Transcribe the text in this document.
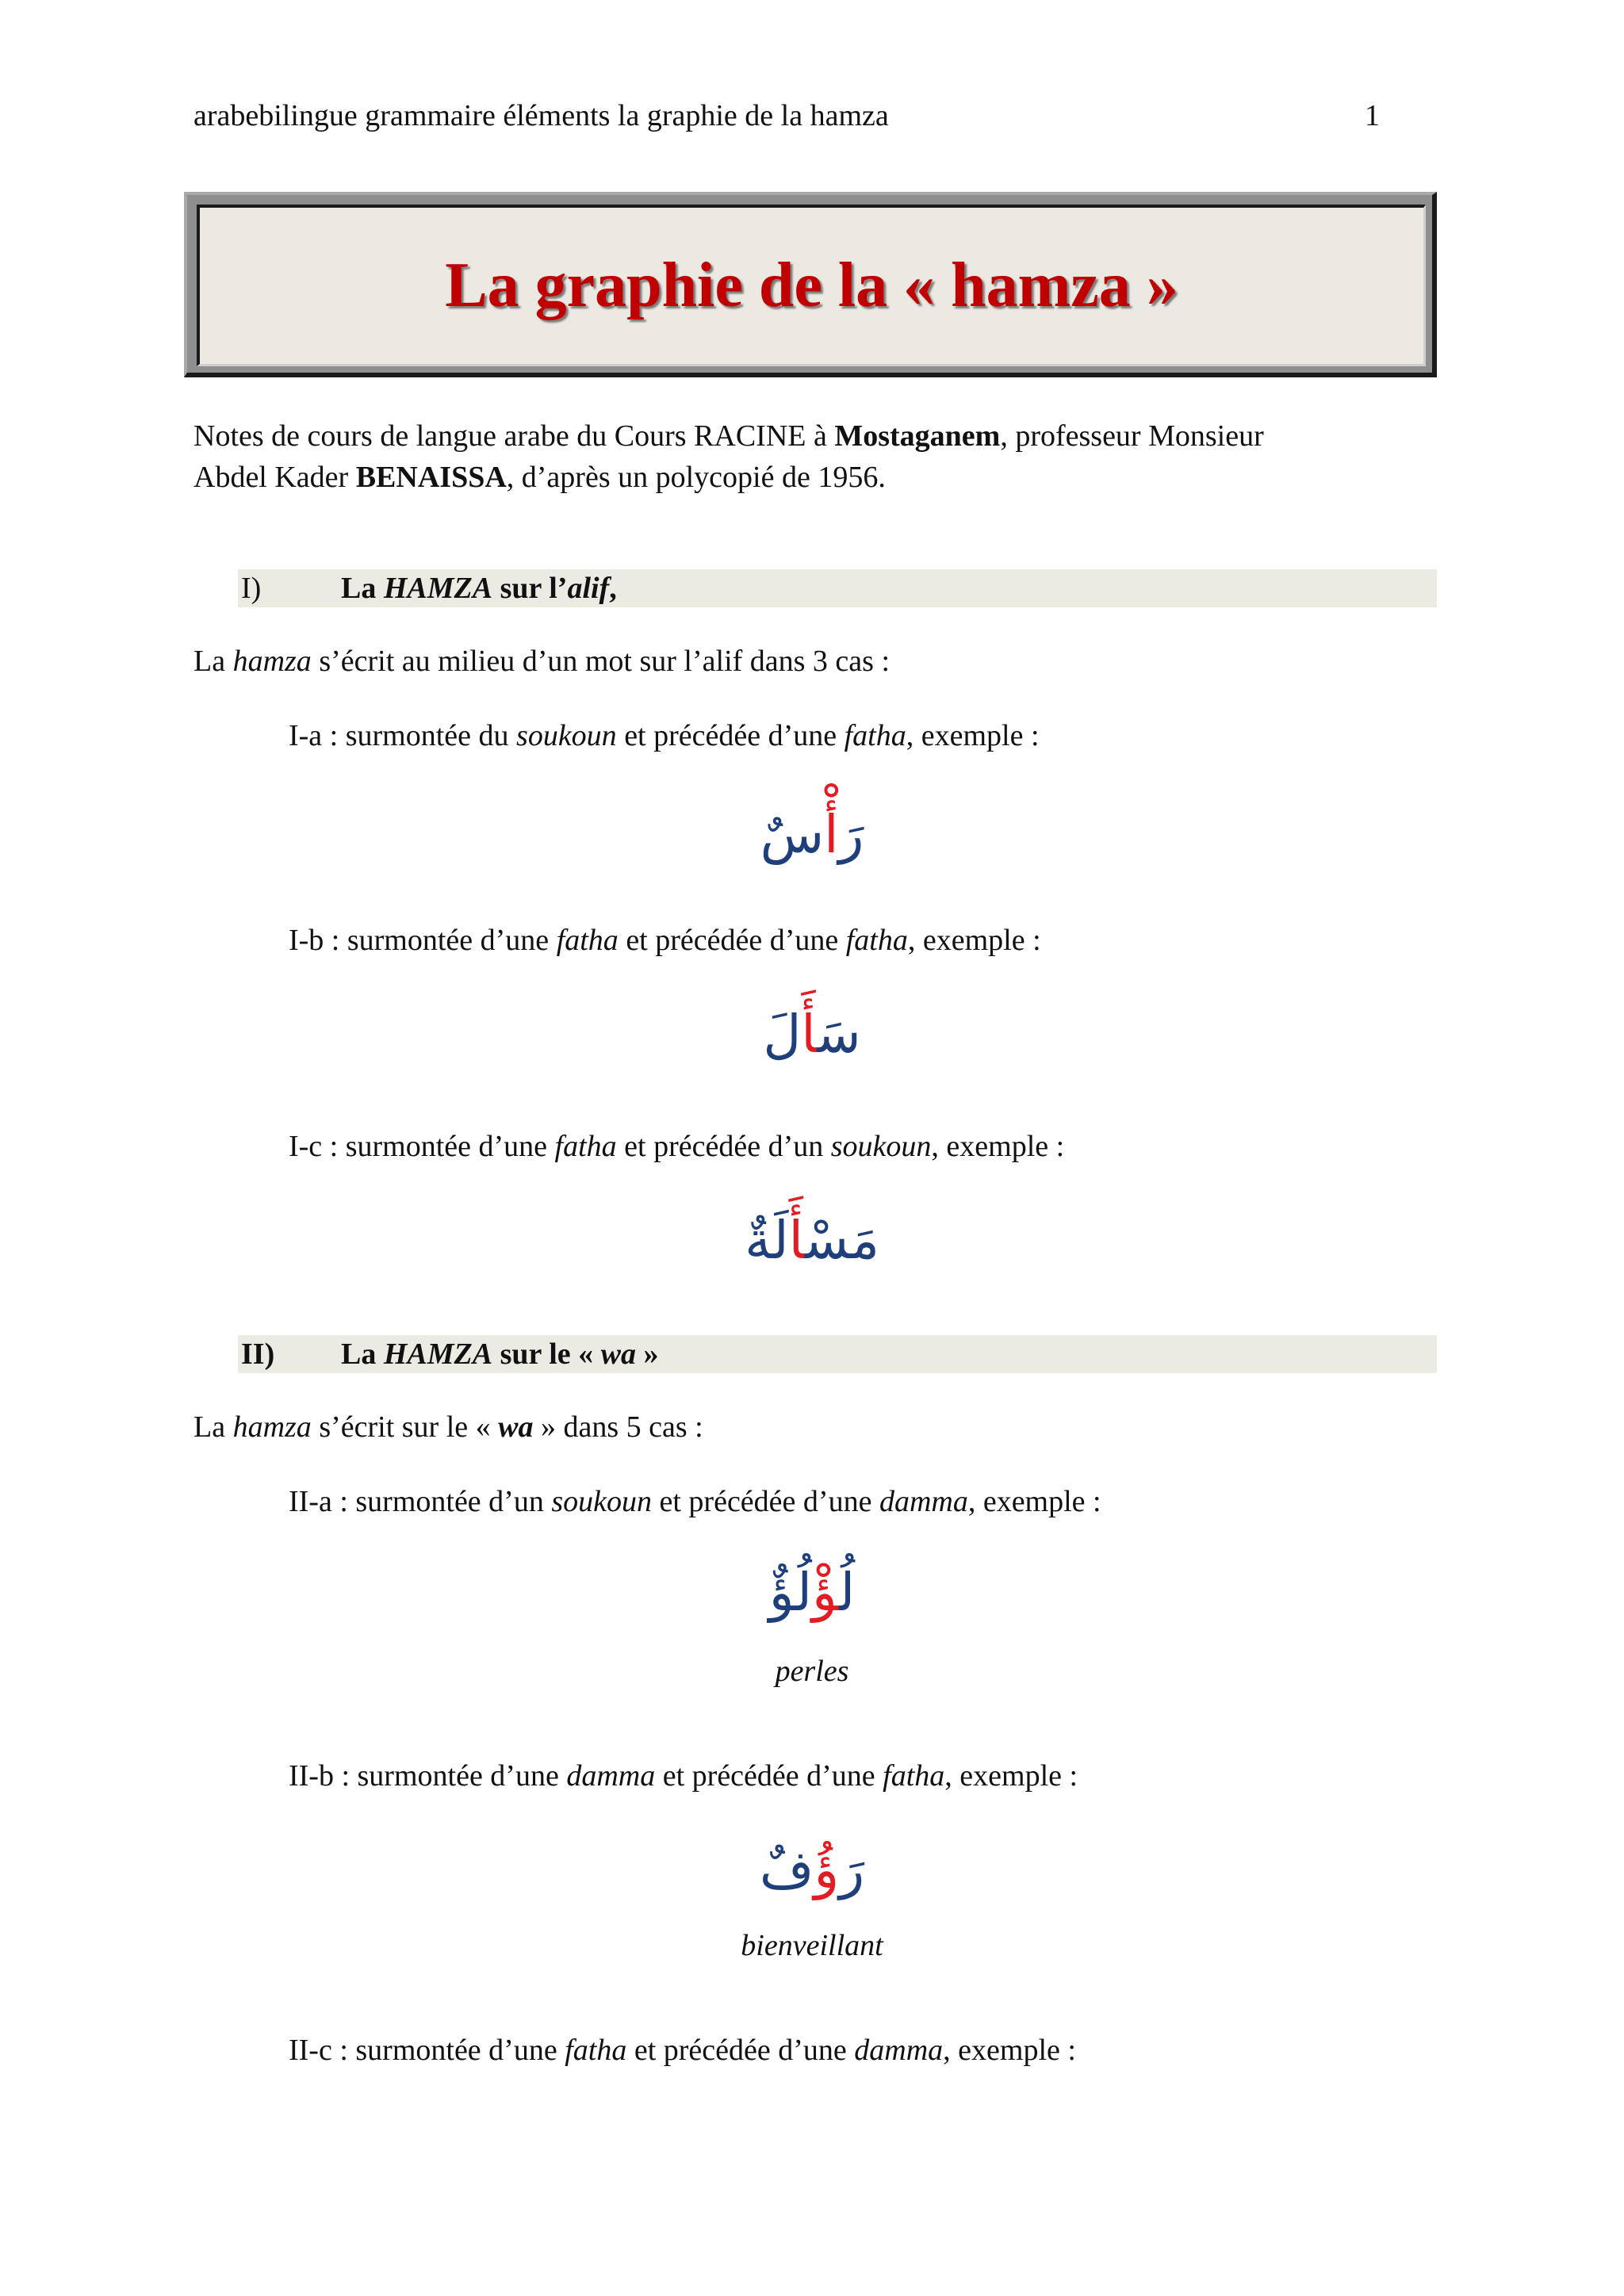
arabebilingue grammaire éléments la graphie de la hamza	1
La graphie de la « hamza »
Notes de cours de langue arabe du Cours RACINE à Mostaganem, professeur Monsieur
Abdel Kader BENAISSA, d’après un polycopié de 1956.
I)	La HAMZA sur l’alif,
La hamza s’écrit au milieu d’un mot sur l’alif dans 3 cas :
I-a : surmontée du soukoun et précédée d’une fatha, exemple :
رَأْسٌ
I-b : surmontée d’une fatha et précédée d’une fatha, exemple :
سَأَلَ
I-c : surmontée d’une fatha et précédée d’un soukoun, exemple :
مَسْأَلَةٌ
II) La HAMZA sur le « wa »
La hamza s’écrit sur le « wa » dans 5 cas :
II-a : surmontée d’un soukoun et précédée d’une damma, exemple :
لُؤْلُؤٌ
perles
II-b : surmontée d’une damma et précédée d’une fatha, exemple :
رَؤُفٌ
bienveillant
II-c : surmontée d’une fatha et précédée d’une damma, exemple :
